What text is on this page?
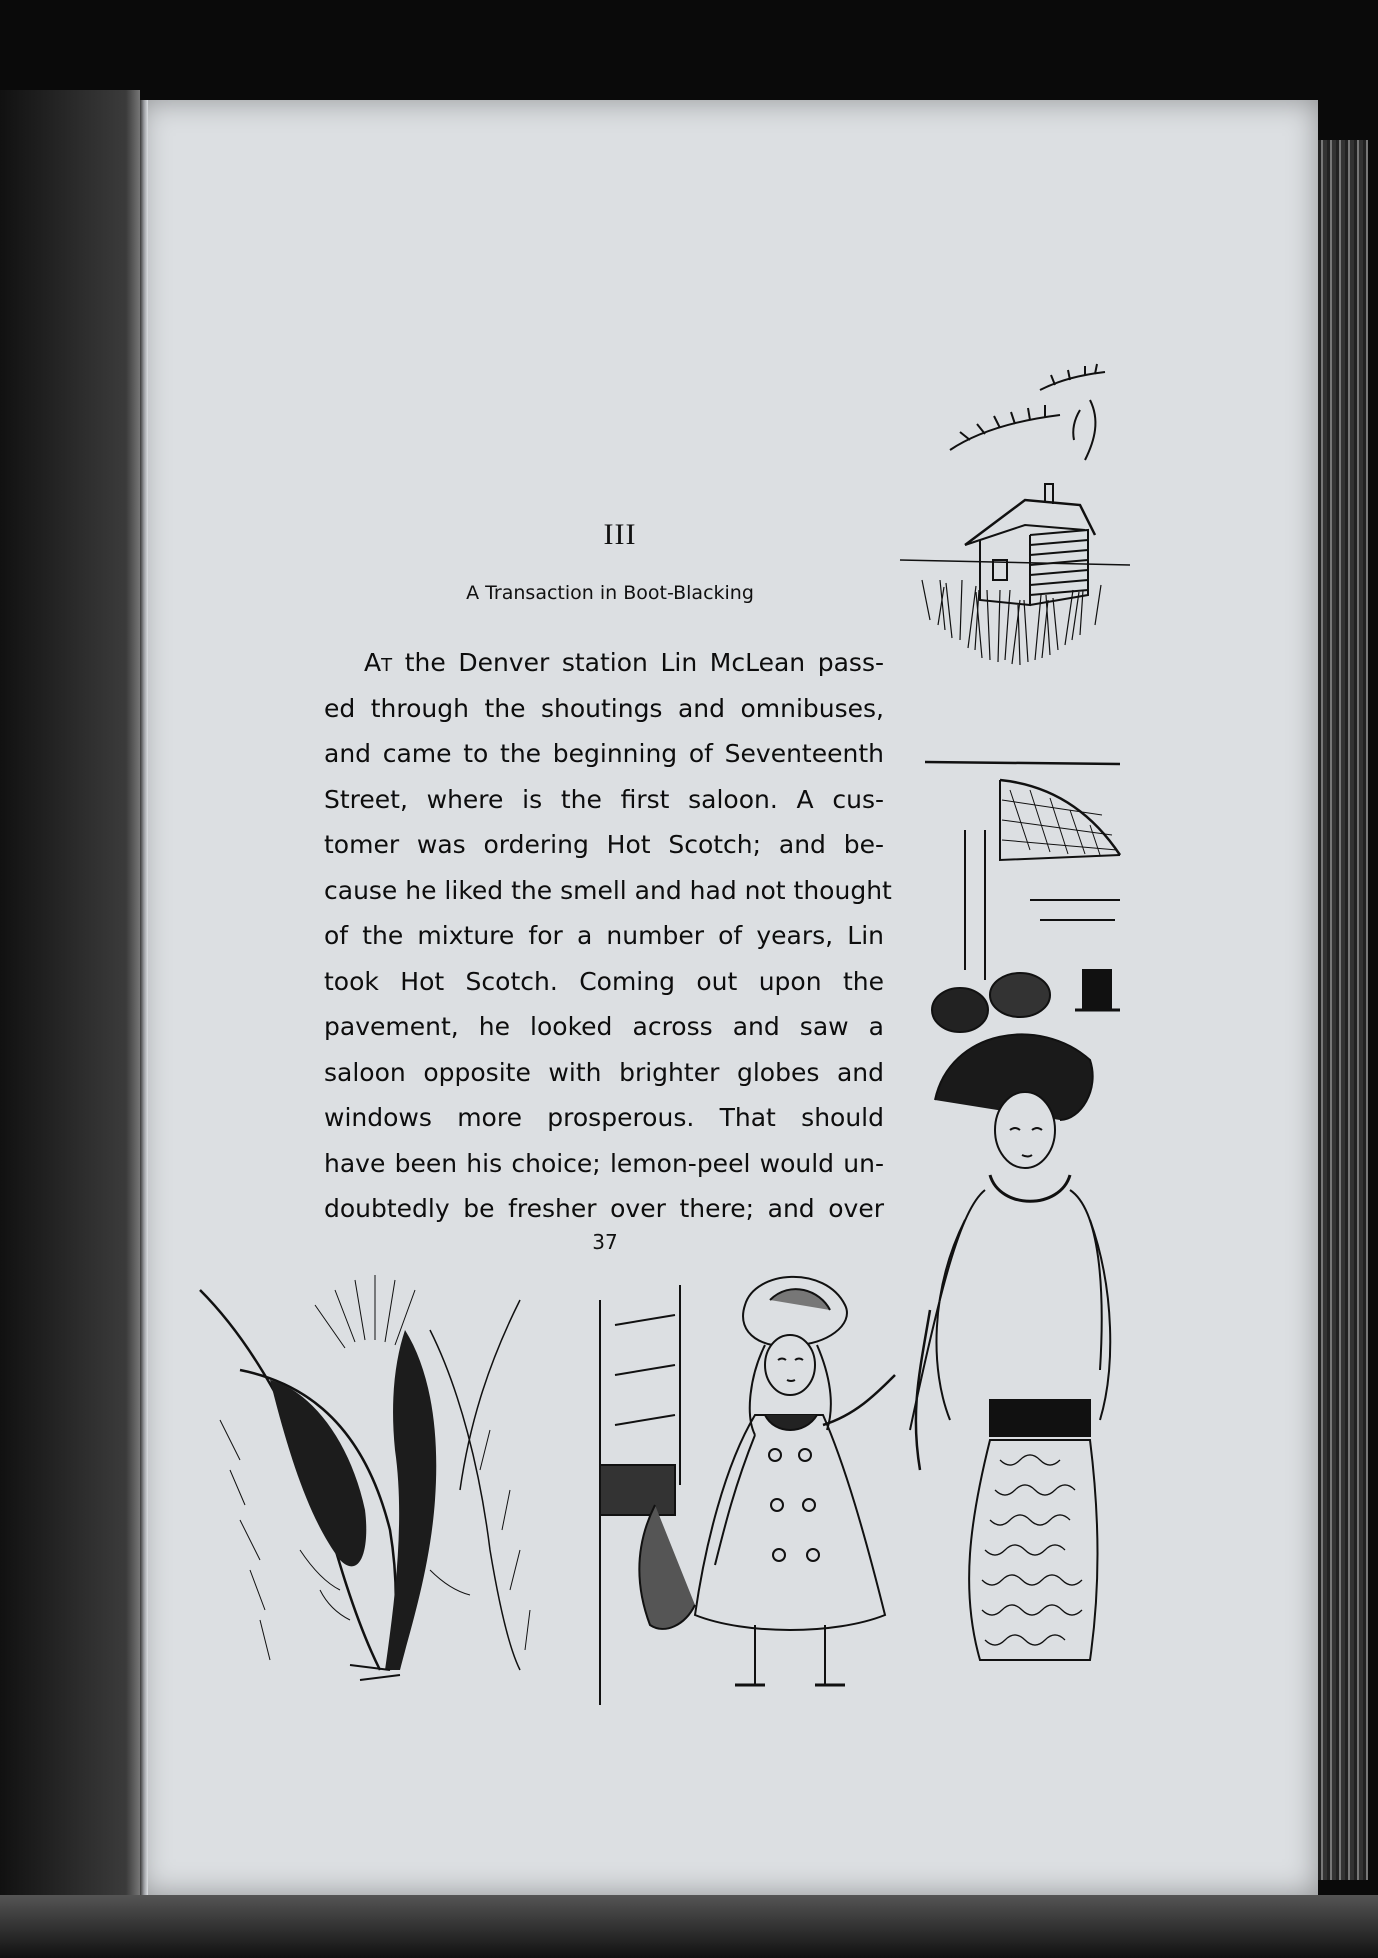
III
A Transaction in Boot-Blacking
At the Denver station Lin McLean pass-
ed through the shoutings and omnibuses,
and came to the beginning of Seventeenth
Street, where is the first saloon. A cus-
tomer was ordering Hot Scotch; and be-
cause he liked the smell and had not thought
of the mixture for a number of years, Lin
took Hot Scotch. Coming out upon the
pavement, he looked across and saw a
saloon opposite with brighter globes and
windows more prosperous. That should
have been his choice; lemon-peel would un-
doubtedly be fresher over there; and over
37
